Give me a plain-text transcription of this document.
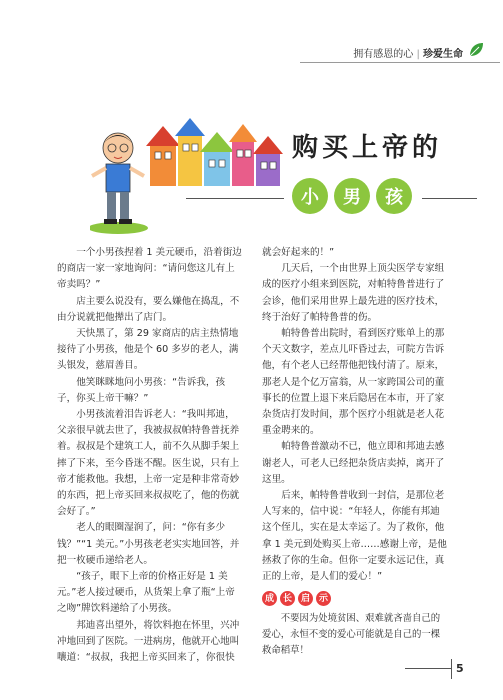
拥有感恩的心 | 珍爱生命
购买上帝的
小	男	孩

一个小男孩捏着 1 美元硬币，沿着街边的商店一家一家地询问：“请问您这儿有上帝卖吗？”

店主要么说没有，要么嫌他在捣乱，不由分说就把他撵出了店门。

天快黑了，第 29 家商店的店主热情地接待了小男孩，他是个 60 多岁的老人，满头银发，慈眉善目。

他笑眯眯地问小男孩：“告诉我，孩子，你买上帝干嘛？”

小男孩流着泪告诉老人：“我叫邦迪，父亲很早就去世了，我被叔叔帕特鲁普抚养着。叔叔是个建筑工人，前不久从脚手架上摔了下来，至今昏迷不醒。医生说，只有上帝才能救他。我想，上帝一定是种非常奇妙的东西，把上帝买回来叔叔吃了，他的伤就会好了。”

老人的眼圈湿润了，问：“你有多少钱？”“1 美元。”小男孩老老实实地回答，并把一枚硬币递给老人。

“孩子，眼下上帝的价格正好是 1 美元。”老人接过硬币，从货架上拿了瓶“上帝之吻”牌饮料递给了小男孩。

邦迪喜出望外，将饮料抱在怀里，兴冲冲地回到了医院。一进病房，他就开心地叫嚷道：“叔叔，我把上帝买回来了，你很快

就会好起来的！”

几天后，一个由世界上顶尖医学专家组成的医疗小组来到医院，对帕特鲁普进行了会诊，他们采用世界上最先进的医疗技术，终于治好了帕特鲁普的伤。

帕特鲁普出院时，看到医疗账单上的那个天文数字，差点儿吓昏过去，可院方告诉他，有个老人已经帮他把钱付清了。原来，那老人是个亿万富翁，从一家跨国公司的董事长的位置上退下来后隐居在本市，开了家杂货店打发时间，那个医疗小组就是老人花重金聘来的。

帕特鲁普激动不已，他立即和邦迪去感谢老人，可老人已经把杂货店卖掉，离开了这里。

后来，帕特鲁普收到一封信，是那位老人写来的，信中说：“年轻人，你能有邦迪这个侄儿，实在是太幸运了。为了救你，他拿 1 美元到处购买上帝……感谢上帝，是他拯救了你的生命。但你一定要永远记住，真正的上帝，是人们的爱心！”

成 长 启 示
不要因为处境贫困、艰难就吝啬自己的爱心，永恒不变的爱心可能就是自己的一棵救命稻草！
5
